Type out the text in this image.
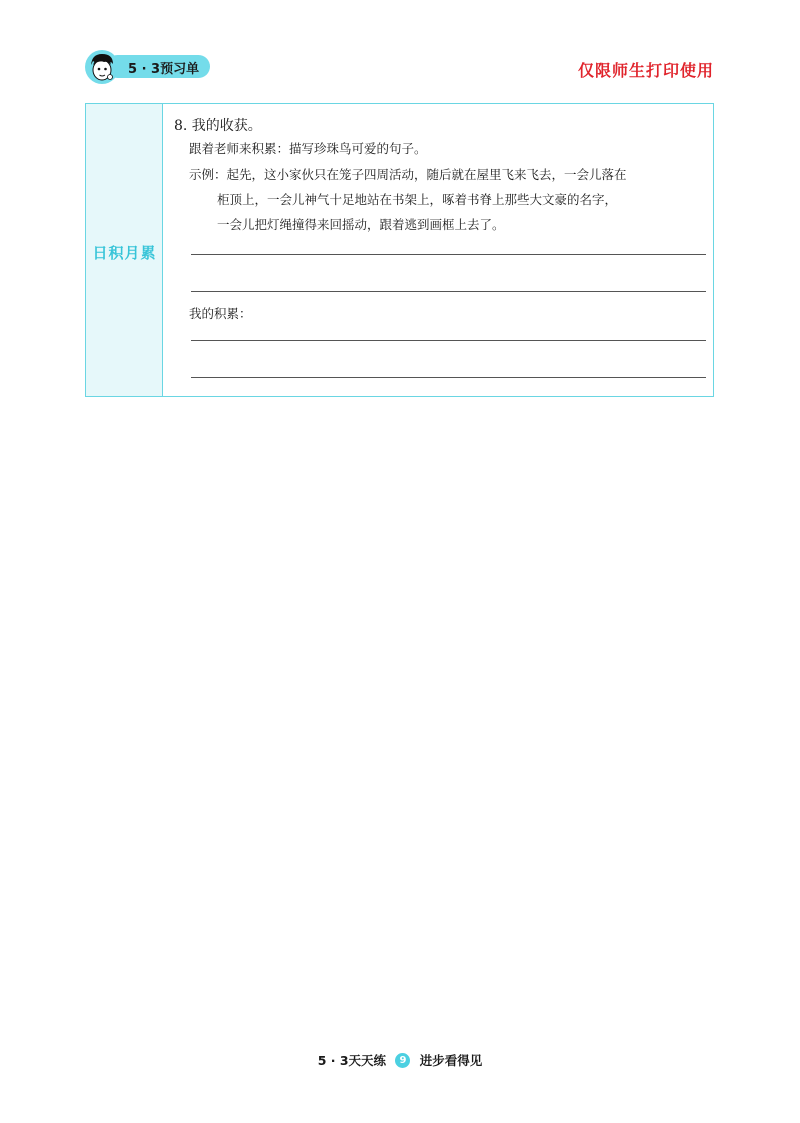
5 · 3预习单	仅限师生打印使用
日积月累
8. 我的收获。
跟着老师来积累：描写珍珠鸟可爱的句子。
示例：起先，这小家伙只在笼子四周活动，随后就在屋里飞来飞去，一会儿落在
柜顶上，一会儿神气十足地站在书架上，啄着书脊上那些大文豪的名字，
一会儿把灯绳撞得来回摇动，跟着逃到画框上去了。
我的积累：
5 · 3天天练 9 进步看得见
